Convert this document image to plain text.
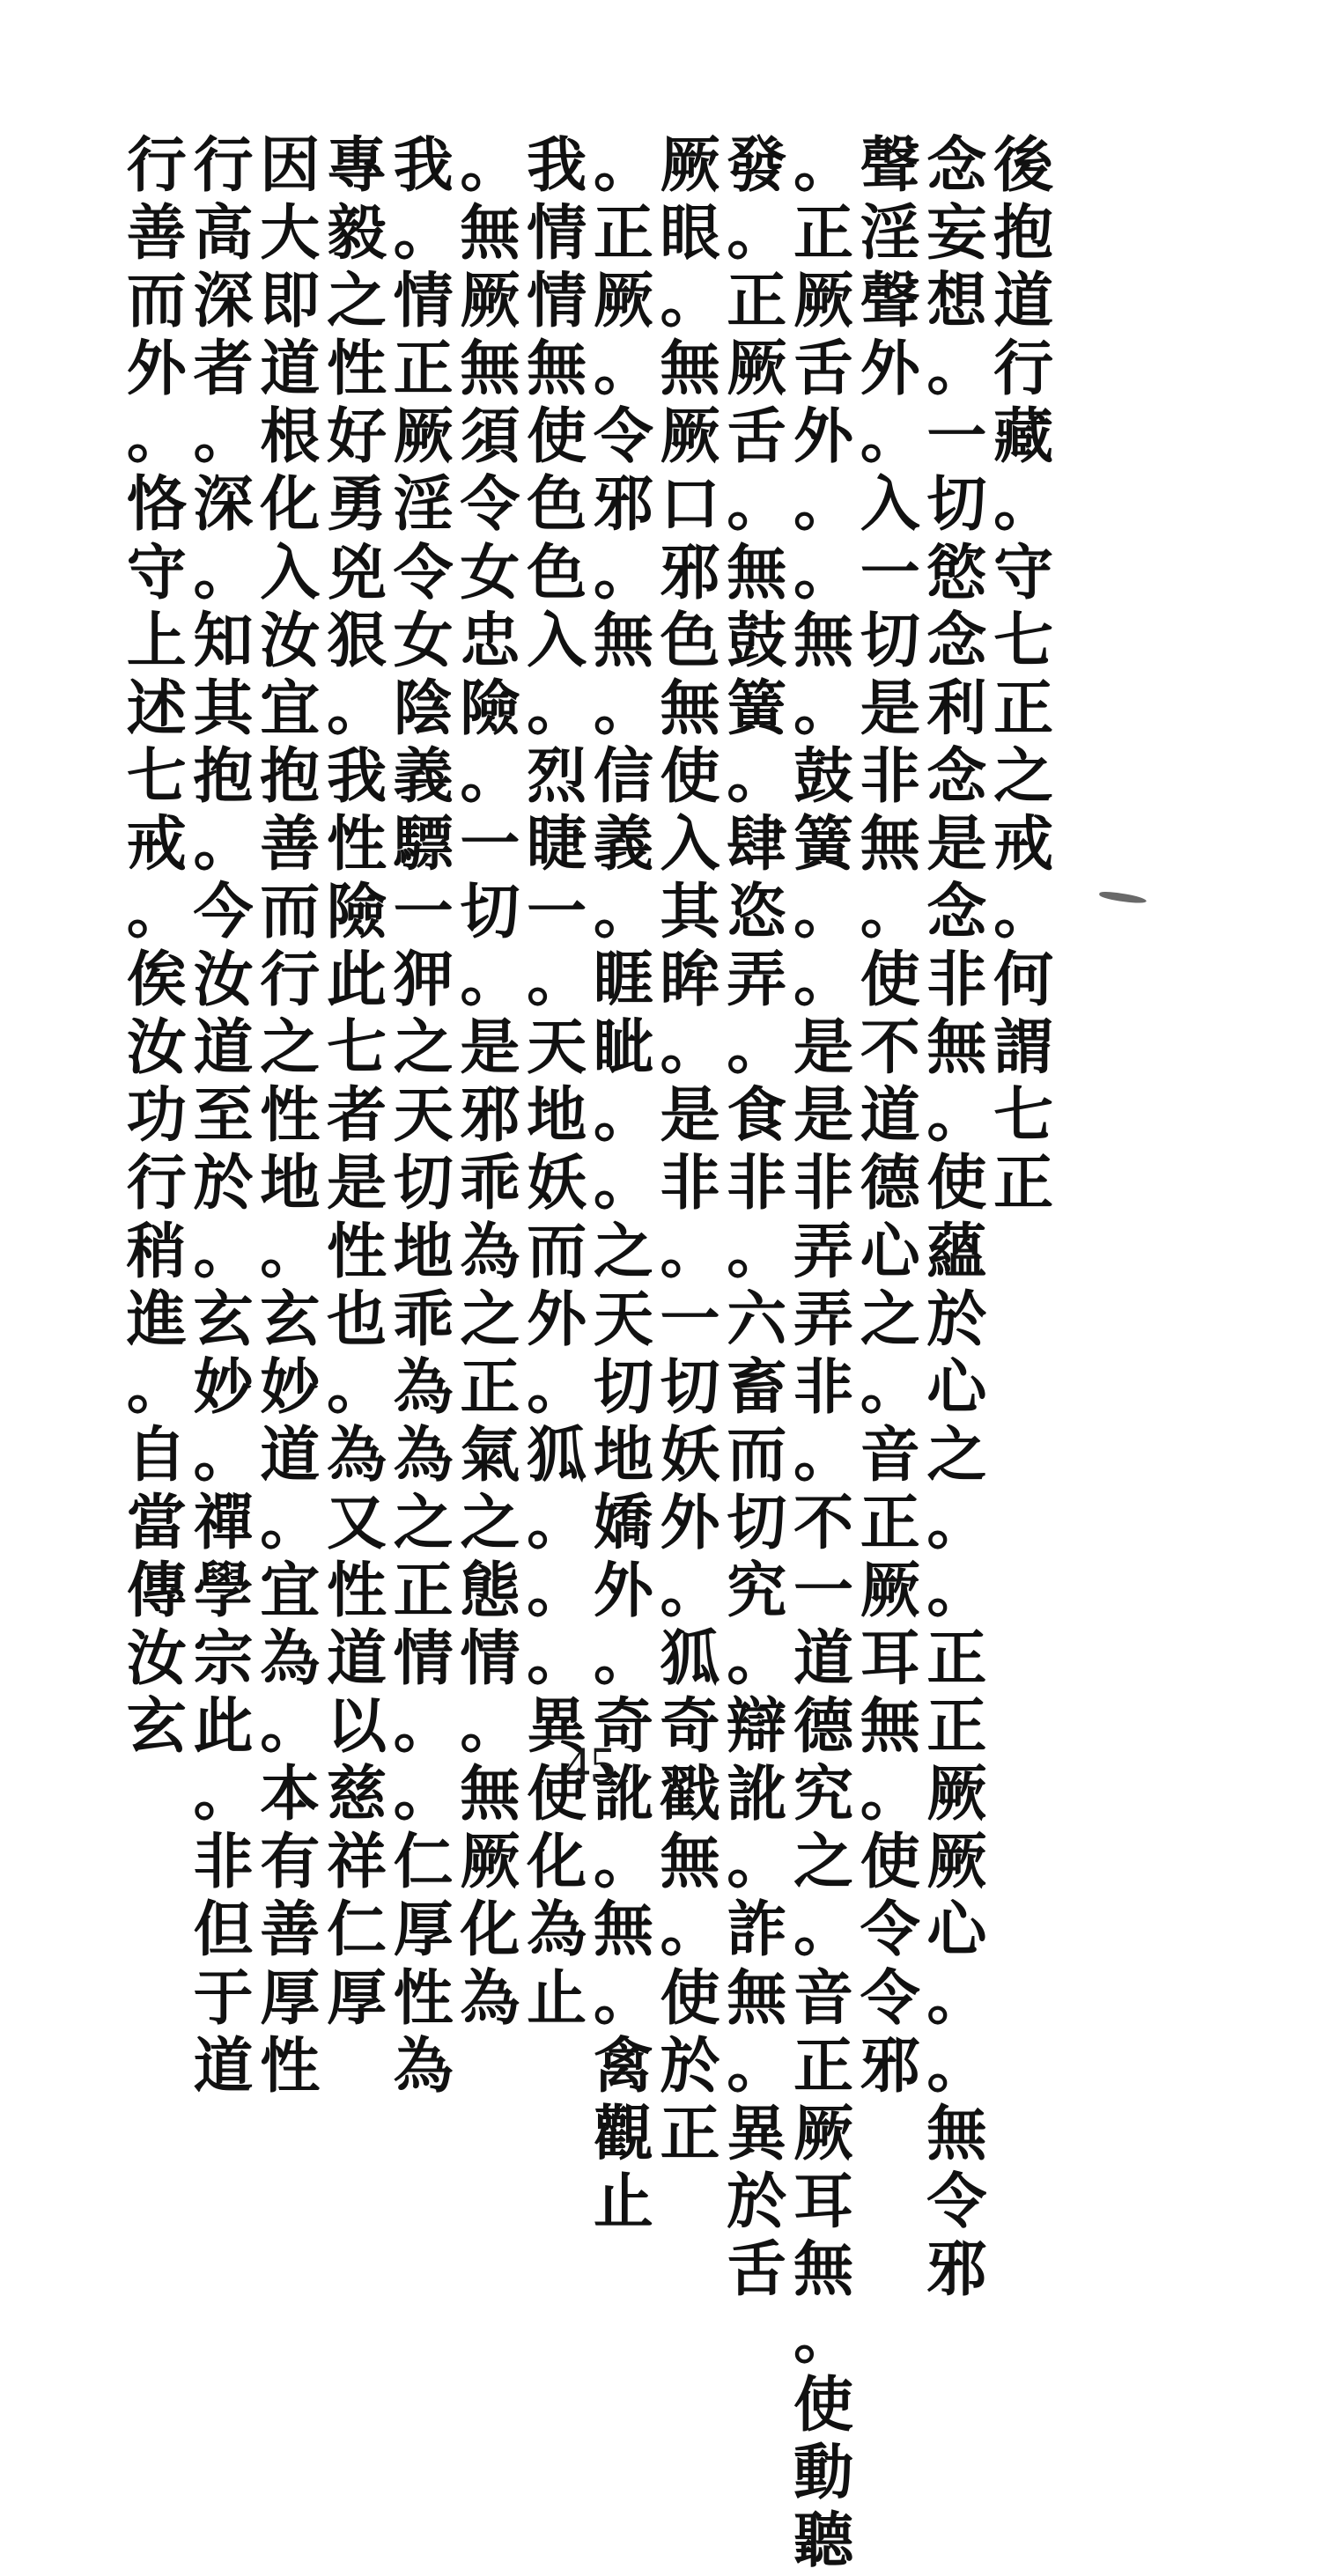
後
抱
道
行
藏
。
守
七
正
之
戒
。
何
謂
七
正
念
妄
想
。
一
切
慾
念
利
念
是
念
非
無
。
使
蘊
於
心
之
。
。
正
正
厥
厥
心
。
。
無
令
邪
聲
淫
聲
外
。
入
一
切
是
非
無
。
使
不
道
德
心
之
。
音
正
厥
耳
無
。
使
令
令
邪
。
正
厥
舌
外
。
。
無
。
鼓
簧
。
。
是
是
非
弄
弄
非
。
不
一
道
德
究
之
。
音
正
厥
耳
無
。
使
動
聽
發
。
正
厥
舌
。
無
鼓
簧
。
肆
恣
弄
。
食
非
。
六
畜
而
切
究
。
辯
訛
。
詐
無
。
異
於
舌
厥
眼
。
無
厥
口
邪
色
無
使
入
其
眸
。
是
非
。
一
切
妖
外
。
狐
奇
戳
無
。
使
於
正
。
正
厥
。
令
邪
。
無
。
信
義
。
睚
眦
。
。
之
天
切
地
嬌
外
。
奇
訛
。
無
。
禽
觀
止
我
情
情
無
使
色
色
入
。
烈
睫
一
。
天
地
妖
而
外
。
狐
。
。
。
異
使
化
為
止
。
無
厥
無
須
令
女
忠
險
。
一
切
。
是
邪
乖
為
之
正
氣
之
態
情
。
無
厥
化
為
我
。
情
正
厥
淫
令
女
陰
義
驃
一
狎
之
天
切
地
乖
為
為
之
正
情
。
。
仁
厚
性
為
專
毅
之
性
好
勇
兇
狠
。
我
性
險
此
七
者
是
性
也
。
為
又
性
道
以
慈
祥
仁
厚
因
大
即
道
根
化
入
汝
宜
抱
善
而
行
之
性
地
。
玄
妙
道
。
宜
為
。
本
有
善
厚
性
行
高
深
者
。
深
。
知
其
抱
。
今
汝
道
至
於
。
玄
妙
。
禪
學
宗
此
。
非
但
于
道
行
善
而
外
。
恪
守
上
述
七
戒
。
俟
汝
功
行
稍
進
。
自
當
傳
汝
玄
45
